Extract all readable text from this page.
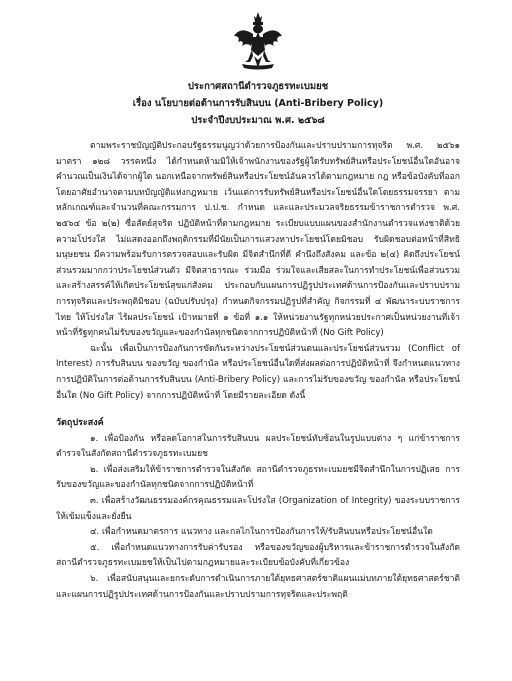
ประกาศสถานีตำรวจภูธรทะเบมยช
เรื่อง นโยบายต่อต้านการรับสินบน (Anti-Bribery Policy)
ประจำปีงบประมาณ พ.ศ. ๒๕๖๘

ตามพระราชบัญญัติประกอบรัฐธรรมนูญว่าด้วยการป้องกันและปราบปรามการทุจริต พ.ศ. ๒๕๖๑ มาตรา ๑๒๘ วรรคหนึ่ง ได้กำหนดห้ามมิให้เจ้าพนักงานของรัฐผู้ใดรับทรัพย์สินหรือประโยชน์อื่นใดอันอาจคำนวณเป็นเงินได้จากผู้ใด นอกเหนือจากทรัพย์สินหรือประโยชน์อันควรได้ตามกฎหมาย กฎ หรือข้อบังคับที่ออกโดยอาศัยอำนาจตามบทบัญญัติแห่งกฎหมาย เว้นแต่การรับทรัพย์สินหรือประโยชน์อื่นใดโดยธรรมจรรยา ตามหลักเกณฑ์และจำนวนที่คณะกรรมการ ป.ป.ช. กำหนด และและประมวลจริยธรรมข้าราชการตำรวจ พ.ศ. ๒๕๖๔ ข้อ ๒(๒) ซื่อสัตย์สุจริต ปฏิบัติหน้าที่ตามกฎหมาย ระเบียบแบบแผนของสำนักงานตำรวจแห่งชาติด้วยความโปร่งใส ไม่แสดงออกถึงพฤติกรรมที่มีนัยเป็นการแสวงหาประโยชน์โดยมิชอบ รับผิดชอบต่อหน้าที่สิทธิมนุษยชน มีความพร้อมรับการตรวจสอบและรับผิด มีจิตสำนึกที่ดี คำนึงถึงสังคม และข้อ ๒(๔) คิดถึงประโยชน์ส่วนรวมมากกว่าประโยชน์ส่วนตัว มีจิตสาธารณะ ร่วมมือ ร่วมใจและเสียสละในการทำประโยชน์เพื่อส่วนรวม และสร้างสรรค์ให้เกิดประโยชน์สุขแก่สังคม ประกอบกับแผนการปฏิรูปประเทศด้านการป้องกันและปราบปรามการทุจริตและประพฤติมิชอบ (ฉบับปรับปรุง) กำหนดกิจกรรมปฏิรูปที่สำคัญ กิจกรรมที่ ๔ พัฒนาระบบราชการไทย ให้โปร่งใส ไร้ผลประโยชน์ เป้าหมายที่ ๑ ข้อที่ ๑.๑ ให้หน่วยงานรัฐทุกหน่วยประกาศเป็นหน่วยงานที่เจ้าหน้าที่รัฐทุกคนไม่รับของขวัญและของกำนัลทุกชนิดจากการปฏิบัติหน้าที่ (No Gift Policy)

ฉะนั้น เพื่อเป็นการป้องกันการขัดกันระหว่างประโยชน์ส่วนตนและประโยชน์ส่วนรวม (Conflict of Interest) การรับสินบน ของขวัญ ของกำนัล หรือประโยชน์อื่นใดที่ส่งผลต่อการปฏิบัติหน้าที่ จึงกำหนดแนวทางการปฏิบัติในการต่อต้านการรับสินบน (Anti-Bribery Policy) และการไม่รับของขวัญ ของกำนัล หรือประโยชน์อื่นใด (No Gift Policy) จากการปฏิบัติหน้าที่ โดยมีรายละเอียด ดังนี้

วัตถุประสงค์

๑. เพื่อป้องกัน หรือลดโอกาสในการรับสินบน ผลประโยชน์ทับซ้อนในรูปแบบต่าง ๆ แก่ข้าราชการตำรวจในสังกัดสถานีตำรวจภูธรทะเบมยช

๒. เพื่อส่งเสริมให้ข้าราชการตำรวจในสังกัด สถานีตำรวจภูธรทะเบมยชมีจิตสำนึกในการปฏิเสธ การรับของขวัญและของกำนัลทุกชนิดจากการปฏิบัติหน้าที่

๓. เพื่อสร้างวัฒนธรรมองค์กรคุณธรรมและโปร่งใส (Organization of Integrity) ของระบบราชการให้เข้มแข็งและยั่งยืน

๔. เพื่อกำหนดมาตรการ แนวทาง และกลไกในการป้องกันการให้/รับสินบนหรือประโยชน์อื่นใด

๕. เพื่อกำหนดแนวทางการรับค่ารับรอง หรือของขวัญของผู้บริหารและข้าราชการตำรวจในสังกัด สถานีตำรวจภูธรทะเบมยชให้เป็นไปตามกฎหมายและระเบียบข้อบังคับที่เกี่ยวข้อง

๖. เพื่อสนับสนุนและยกระดับการดำเนินการภายใต้ยุทธศาสตร์ชาติแผนแม่บทภายใต้ยุทธศาสตร์ชาติ และแผนการปฏิรูปประเทศด้านการป้องกันและปราบปรามการทุจริตและประพฤติ
